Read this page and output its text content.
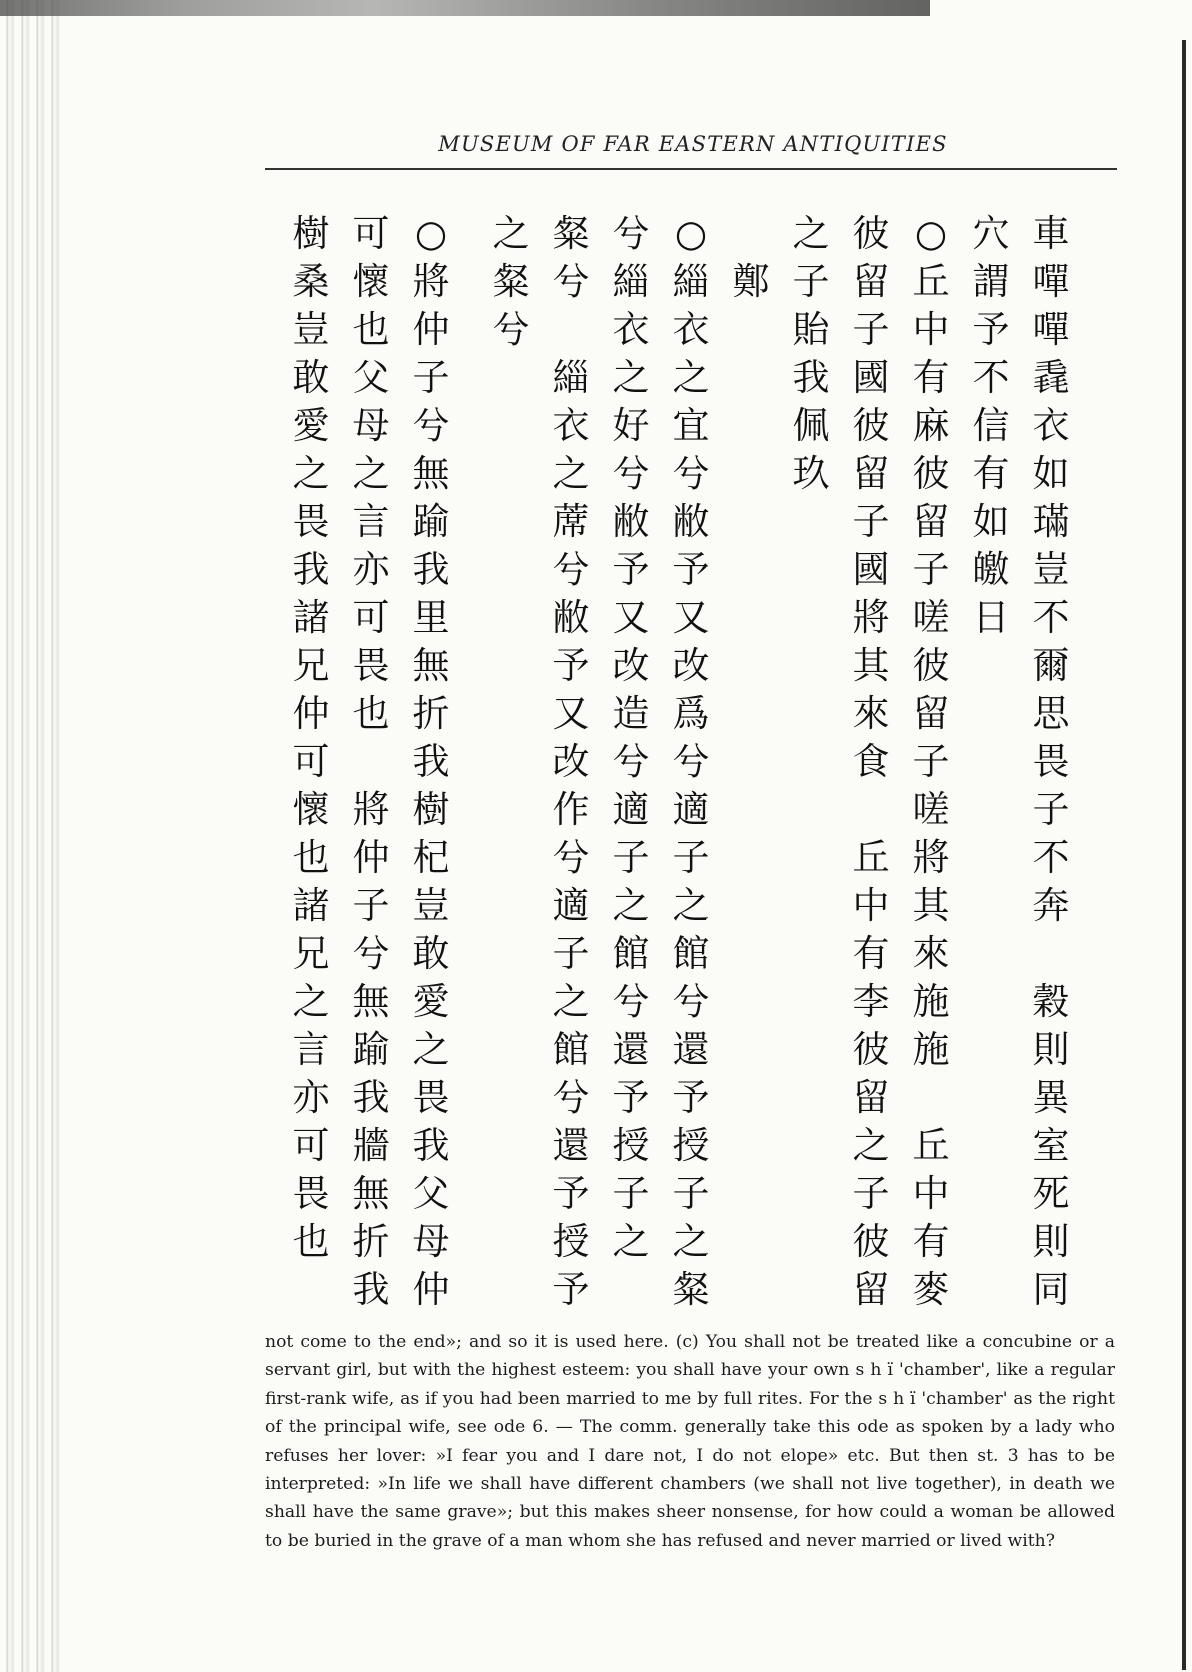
MUSEUM OF FAR EASTERN ANTIQUITIES
車
嘽
嘽
毳
衣
如
璊
豈
不
爾
思
畏
子
不
奔
穀
則
異
室
死
則
同
穴
謂
予
不
信
有
如
皦
日
○
丘
中
有
麻
彼
留
子
嗟
彼
留
子
嗟
將
其
來
施
施
丘
中
有
麥
彼
留
子
國
彼
留
子
國
將
其
來
食
丘
中
有
李
彼
留
之
子
彼
留
之
子
貽
我
佩
玖
鄭
○
緇
衣
之
宜
兮
敝
予
又
改
爲
兮
適
子
之
館
兮
還
予
授
子
之
粲
兮
緇
衣
之
好
兮
敝
予
又
改
造
兮
適
子
之
館
兮
還
予
授
子
之
粲
兮
緇
衣
之
蓆
兮
敝
予
又
改
作
兮
適
子
之
館
兮
還
予
授
予
之
粲
兮
○
將
仲
子
兮
無
踰
我
里
無
折
我
樹
杞
豈
敢
愛
之
畏
我
父
母
仲
可
懷
也
父
母
之
言
亦
可
畏
也
將
仲
子
兮
無
踰
我
牆
無
折
我
樹
桑
豈
敢
愛
之
畏
我
諸
兄
仲
可
懷
也
諸
兄
之
言
亦
可
畏
也

not come to the end»; and so it is used here. (c) You shall not be treated like a concubine or a servant girl, but with the highest esteem: you shall have your own s h ï 'chamber', like a regular first-rank wife, as if you had been married to me by full rites. For the s h ï 'chamber' as the right of the principal wife, see ode 6. — The comm. generally take this ode as spoken by a lady who refuses her lover: »I fear you and I dare not, I do not elope» etc. But then st. 3 has to be interpreted: »In life we shall have different chambers (we shall not live together), in death we shall have the same grave»; but this makes sheer nonsense, for how could a woman be allowed to be buried in the grave of a man whom she has refused and never married or lived with?
